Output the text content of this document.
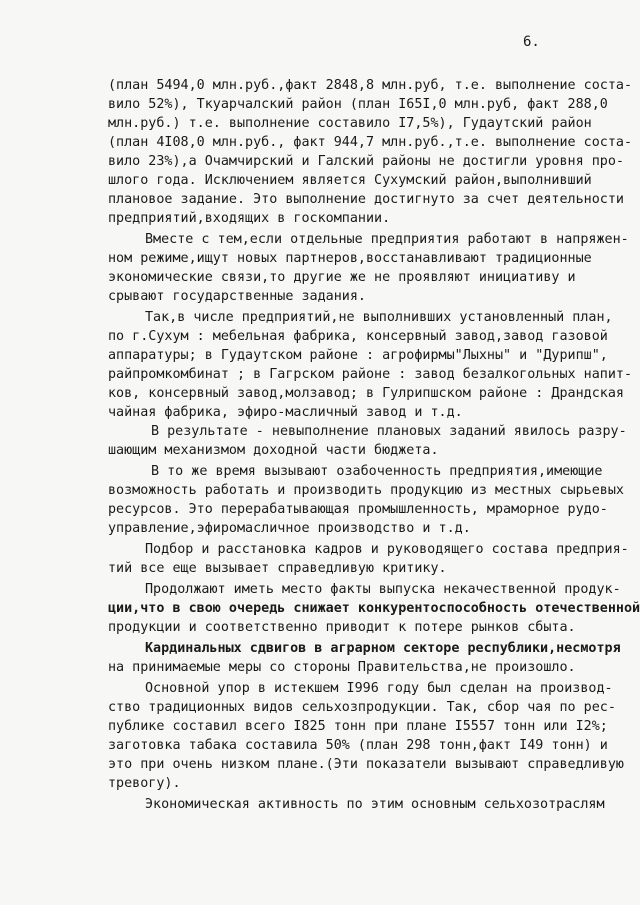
6.
(план 5494,0 млн.руб.,факт 2848,8 млн.руб, т.е. выполнение соста-
вило 52%), Ткуарчалский район (план I65I,0 млн.руб, факт 288,0
млн.руб.) т.е. выполнение составило I7,5%), Гудаутский район
(план 4I08,0 млн.руб., факт 944,7 млн.руб.,т.е. выполнение соста-
вило 23%),а Очамчирский и Галский районы не достигли уровня про-
шлого года. Исключением является Сухумский район,выполнивший
плановое задание. Это выполнение достигнуто за счет деятельности
предприятий,входящих в госкомпании.
Вместе с тем,если отдельные предприятия работают в напряжен-
ном режиме,ищут новых партнеров,восстанавливают традиционные
экономические связи,то другие же не проявляют инициативу и
срывают государственные задания.
Так,в числе предприятий,не выполнивших установленный план,
по г.Сухум : мебельная фабрика, консервный завод,завод газовой
аппаратуры; в Гудаутском районе : агрофирмы"Лыхны" и "Дурипш",
райпромкомбинат ; в Гагрском районе : завод безалкогольных напит-
ков, консервный завод,молзавод; в Гулрипшском районе : Драндская
чайная фабрика, эфиро-масличный завод и т.д.
В результате - невыполнение плановых заданий явилось разру-
шающим механизмом доходной части бюджета.
В то же время вызывают озабоченность предприятия,имеющие
возможность работать и производить продукцию из местных сырьевых
ресурсов. Это перерабатывающая промышленность, мраморное рудо-
управление,эфиромасличное производство и т.д.
Подбор и расстановка кадров и руководящего состава предприя-
тий все еще вызывает справедливую критику.
Продолжают иметь место факты выпуска некачественной продук-
ции,что в свою очередь снижает конкурентоспособность отечественной
продукции и соответственно приводит к потере рынков сбыта.
Кардинальных сдвигов в аграрном секторе республики,несмотря
на принимаемые меры со стороны Правительства,не произошло.
Основной упор в истекшем I996 году был сделан на производ-
ство традиционных видов сельхозпродукции. Так, сбор чая по рес-
публике составил всего I825 тонн при плане I5557 тонн или I2%;
заготовка табака составила 50% (план 298 тонн,факт I49 тонн) и
это при очень низком плане.(Эти показатели вызывают справедливую
тревогу).
Экономическая активность по этим основным сельхозотраслям
